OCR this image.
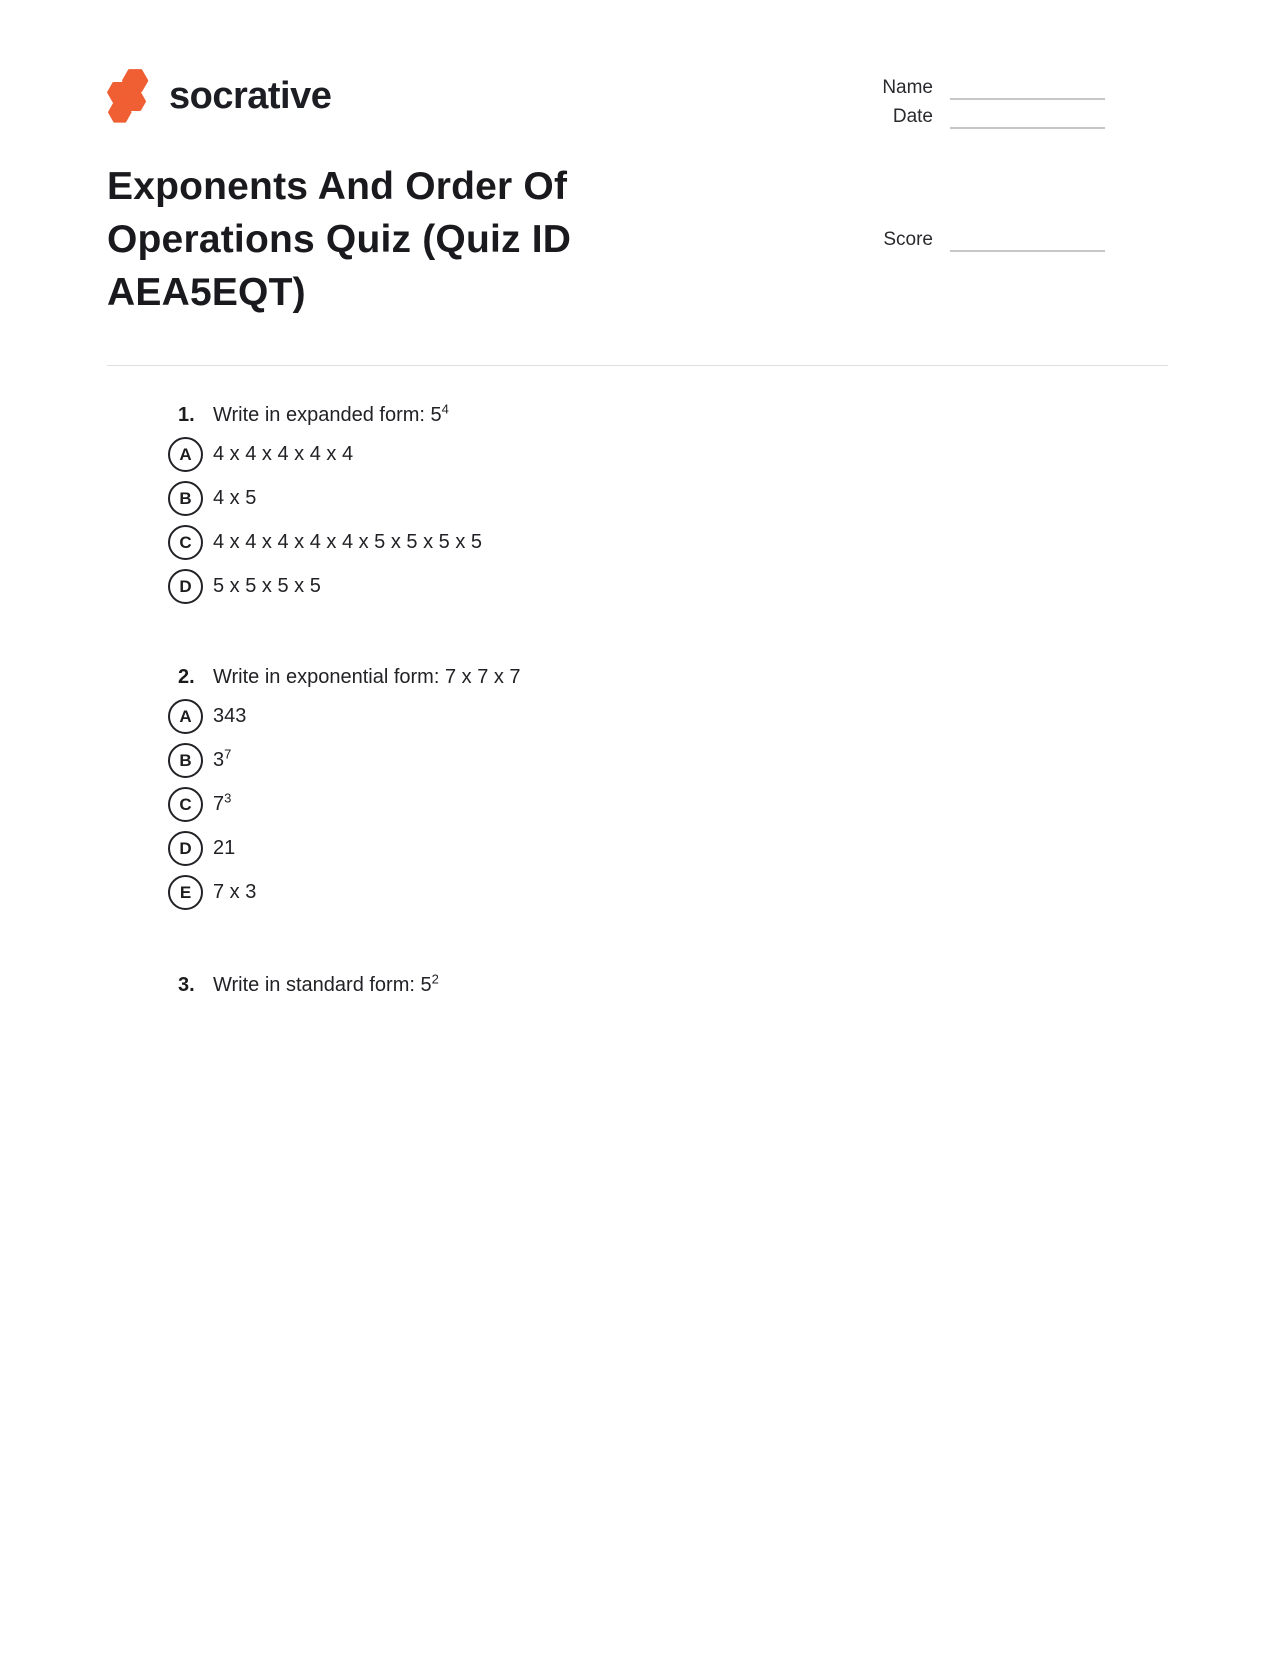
socrative	Name
Date
Score
Exponents And Order Of Operations Quiz (Quiz ID AEA5EQT)
1. Write in expanded form: $5^4$
A 4 x 4 x 4 x 4 x 4
B 4 x 5
C 4 x 4 x 4 x 4 x 4 x 5 x 5 x 5 x 5
D 5 x 5 x 5 x 5
2. Write in exponential form: 7 x 7 x 7
A 343
B $3^7$
C $7^3$
D 21
E 7 x 3
3. Write in standard form: $5^2$
